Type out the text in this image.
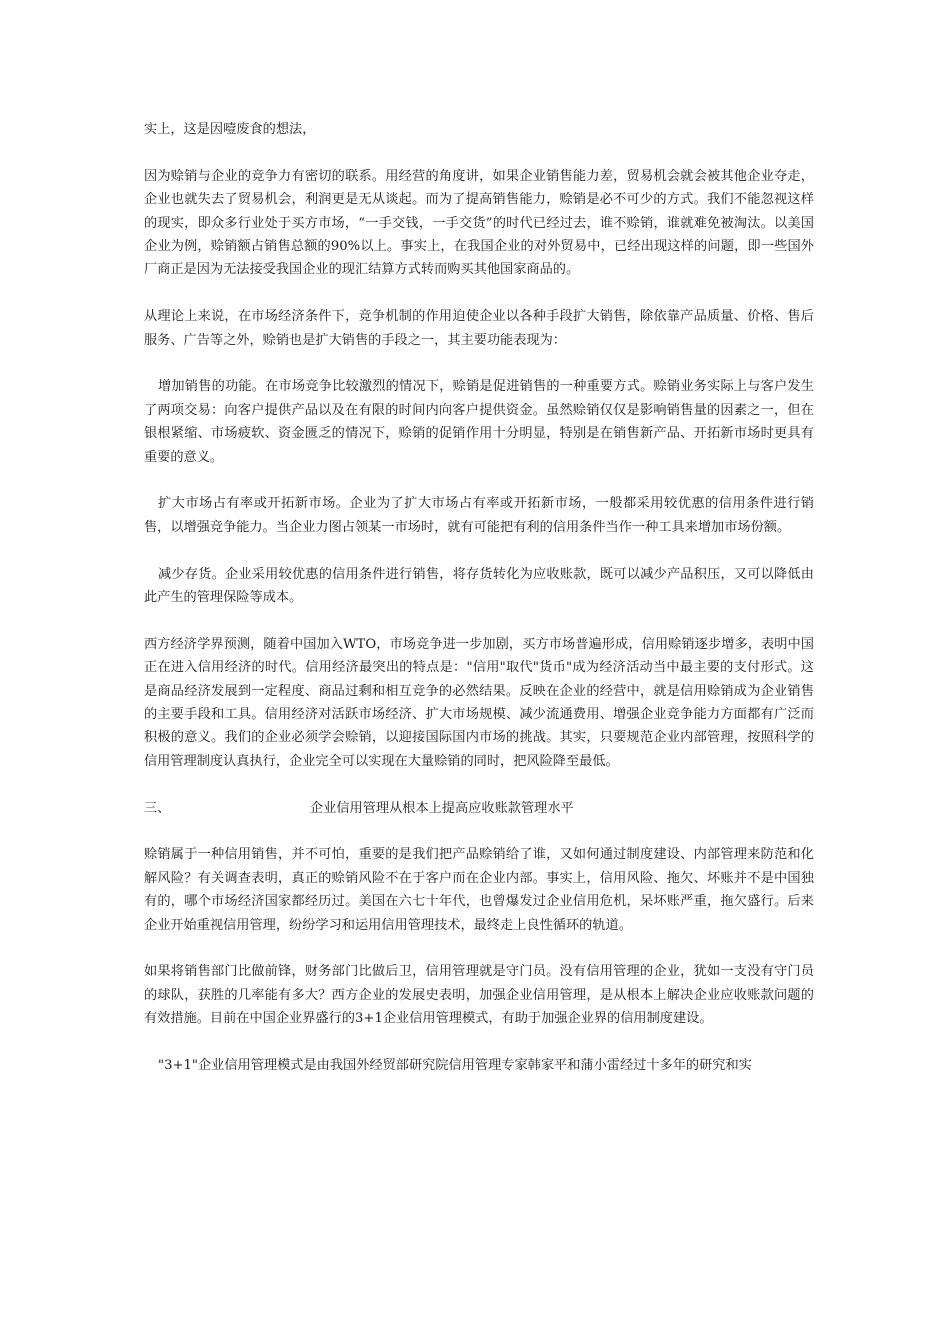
实上，这是因噎废食的想法，

因为赊销与企业的竞争力有密切的联系。用经营的角度讲，如果企业销售能力差，贸易机会就会被其他企业夺走，企业也就失去了贸易机会，利润更是无从谈起。而为了提高销售能力，赊销是必不可少的方式。我们不能忽视这样的现实，即众多行业处于买方市场，“一手交钱，一手交货”的时代已经过去，谁不赊销，谁就难免被淘汰。以美国企业为例，赊销额占销售总额的90%以上。事实上，在我国企业的对外贸易中，已经出现这样的问题，即一些国外厂商正是因为无法接受我国企业的现汇结算方式转而购买其他国家商品的。

从理论上来说，在市场经济条件下，竞争机制的作用迫使企业以各种手段扩大销售，除依靠产品质量、价格、售后服务、广告等之外，赊销也是扩大销售的手段之一，其主要功能表现为：

增加销售的功能。在市场竞争比较激烈的情况下，赊销是促进销售的一种重要方式。赊销业务实际上与客户发生了两项交易：向客户提供产品以及在有限的时间内向客户提供资金。虽然赊销仅仅是影响销售量的因素之一，但在银根紧缩、市场疲软、资金匮乏的情况下，赊销的促销作用十分明显，特别是在销售新产品、开拓新市场时更具有重要的意义。

扩大市场占有率或开拓新市场。企业为了扩大市场占有率或开拓新市场，一般都采用较优惠的信用条件进行销售，以增强竞争能力。当企业力图占领某一市场时，就有可能把有利的信用条件当作一种工具来增加市场份额。

减少存货。企业采用较优惠的信用条件进行销售，将存货转化为应收账款，既可以减少产品积压，又可以降低由此产生的管理保险等成本。

西方经济学界预测，随着中国加入WTO，市场竞争进一步加剧，买方市场普遍形成，信用赊销逐步增多，表明中国正在进入信用经济的时代。信用经济最突出的特点是："信用"取代"货币"成为经济活动当中最主要的支付形式。这是商品经济发展到一定程度、商品过剩和相互竞争的必然结果。反映在企业的经营中，就是信用赊销成为企业销售的主要手段和工具。信用经济对活跃市场经济、扩大市场规模、减少流通费用、增强企业竞争能力方面都有广泛而积极的意义。我们的企业必须学会赊销，以迎接国际国内市场的挑战。其实，只要规范企业内部管理，按照科学的信用管理制度认真执行，企业完全可以实现在大量赊销的同时，把风险降至最低。

三、	企业信用管理从根本上提高应收账款管理水平

赊销属于一种信用销售，并不可怕，重要的是我们把产品赊销给了谁，又如何通过制度建设、内部管理来防范和化解风险？有关调查表明，真正的赊销风险不在于客户而在企业内部。事实上，信用风险、拖欠、坏账并不是中国独有的，哪个市场经济国家都经历过。美国在六七十年代，也曾爆发过企业信用危机，呆坏账严重，拖欠盛行。后来企业开始重视信用管理，纷纷学习和运用信用管理技术，最终走上良性循环的轨道。

如果将销售部门比做前锋，财务部门比做后卫，信用管理就是守门员。没有信用管理的企业，犹如一支没有守门员的球队，获胜的几率能有多大？西方企业的发展史表明，加强企业信用管理，是从根本上解决企业应收账款问题的有效措施。目前在中国企业界盛行的3+1企业信用管理模式，有助于加强企业界的信用制度建设。

"3+1"企业信用管理模式是由我国外经贸部研究院信用管理专家韩家平和蒲小雷经过十多年的研究和实
